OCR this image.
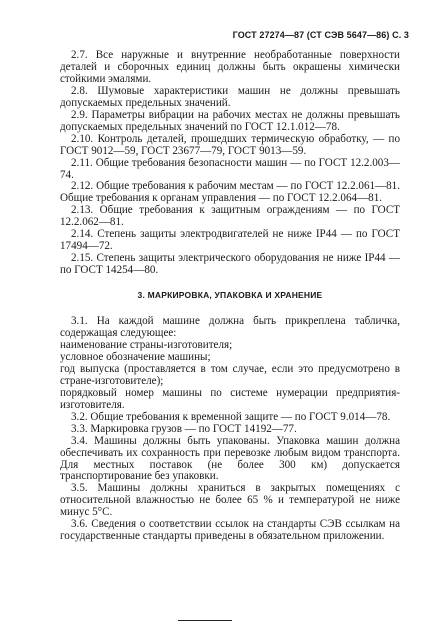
ГОСТ 27274—87 (СТ СЭВ 5647—86) С. 3

2.7. Все наружные и внутренние необработанные поверхности деталей и сборочных единиц должны быть окрашены химически стойкими эмалями.

2.8. Шумовые характеристики машин не должны превышать допускаемых предельных значений.

2.9. Параметры вибрации на рабочих местах не должны превышать допускаемых предельных значений по ГОСТ 12.1.012—78.

2.10. Контроль деталей, прошедших термическую обработку, — по ГОСТ 9012—59, ГОСТ 23677—79, ГОСТ 9013—59.

2.11. Общие требования безопасности машин — по ГОСТ 12.2.003—74.

2.12. Общие требования к рабочим местам — по ГОСТ 12.2.061—81. Общие требования к органам управления — по ГОСТ 12.2.064—81.

2.13. Общие требования к защитным ограждениям — по ГОСТ 12.2.062—81.

2.14. Степень защиты электродвигателей не ниже IP44 — по ГОСТ 17494—72.

2.15. Степень защиты электрического оборудования не ниже IP44 — по ГОСТ 14254—80.

3. МАРКИРОВКА, УПАКОВКА И ХРАНЕНИЕ

3.1. На каждой машине должна быть прикреплена табличка, содержащая следующее:

наименование страны-изготовителя;

условное обозначение машины;

год выпуска (проставляется в том случае, если это предусмотрено в стране-изготовителе);

порядковый номер машины по системе нумерации предприятия-изготовителя.

3.2. Общие требования к временной защите — по ГОСТ 9.014—78.

3.3. Маркировка грузов — по ГОСТ 14192—77.

3.4. Машины должны быть упакованы. Упаковка машин должна обеспечивать их сохранность при перевозке любым видом транспорта. Для местных поставок (не более 300 км) допускается транспортирование без упаковки.

3.5. Машины должны храниться в закрытых помещениях с относительной влажностью не более 65 % и температурой не ниже минус 5°С.

3.6. Сведения о соответствии ссылок на стандарты СЭВ ссылкам на государственные стандарты приведены в обязательном приложении.
